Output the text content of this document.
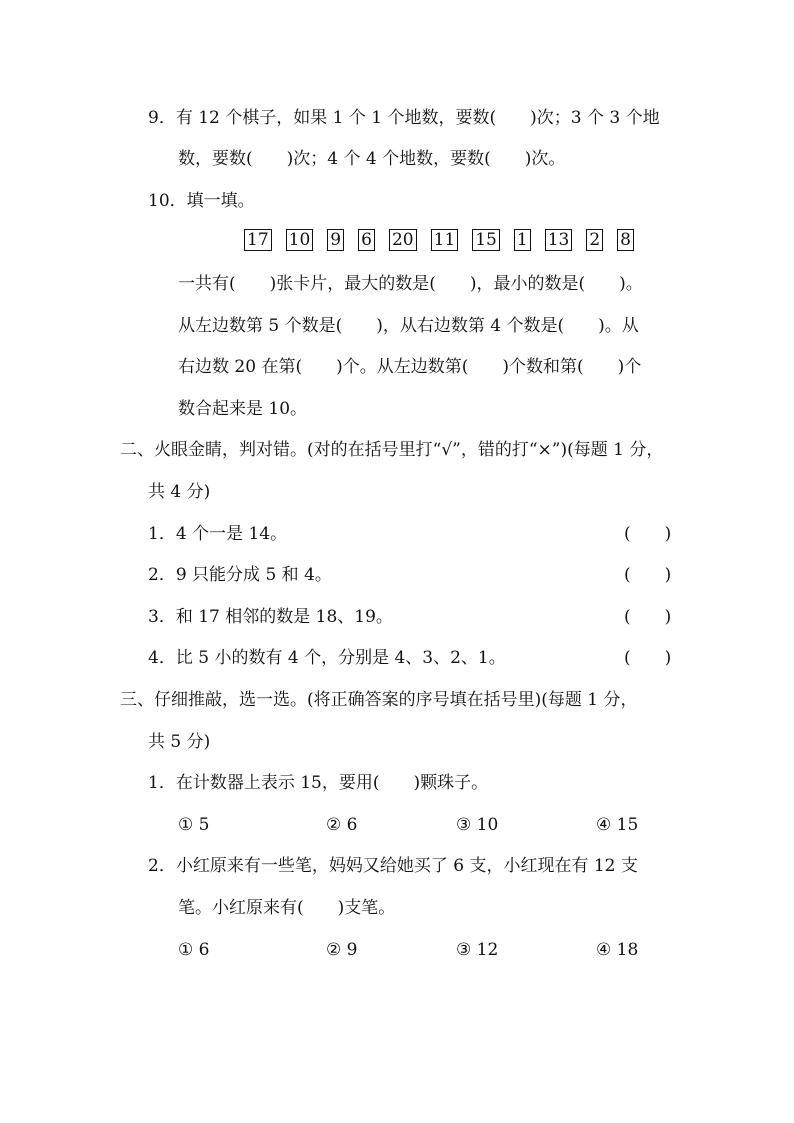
9．有 12 个棋子，如果 1 个 1 个地数，要数(　　)次；3 个 3 个地
数，要数(　　)次；4 个 4 个地数，要数(　　)次。
10．填一填。
17 10 9 6 20 11 15 1 13 2 8
一共有(　　)张卡片，最大的数是(　　)，最小的数是(　　)。
从左边数第 5 个数是(　　)，从右边数第 4 个数是(　　)。从
右边数 20 在第(　　)个。从左边数第(　　)个数和第(　　)个
数合起来是 10。
二、火眼金睛，判对错。(对的在括号里打“√”，错的打“×”)(每题 1 分，
共 4 分)
1．4 个一是 14。	(　　)
2．9 只能分成 5 和 4。	(　　)
3．和 17 相邻的数是 18、19。	(　　)
4．比 5 小的数有 4 个，分别是 4、3、2、1。	(　　)
三、仔细推敲，选一选。(将正确答案的序号填在括号里)(每题 1 分，
共 5 分)
1．在计数器上表示 15，要用(　　)颗珠子。
① 5	② 6	③ 10	④ 15
2．小红原来有一些笔，妈妈又给她买了 6 支，小红现在有 12 支
笔。小红原来有(　　)支笔。
① 6	② 9	③ 12	④ 18
